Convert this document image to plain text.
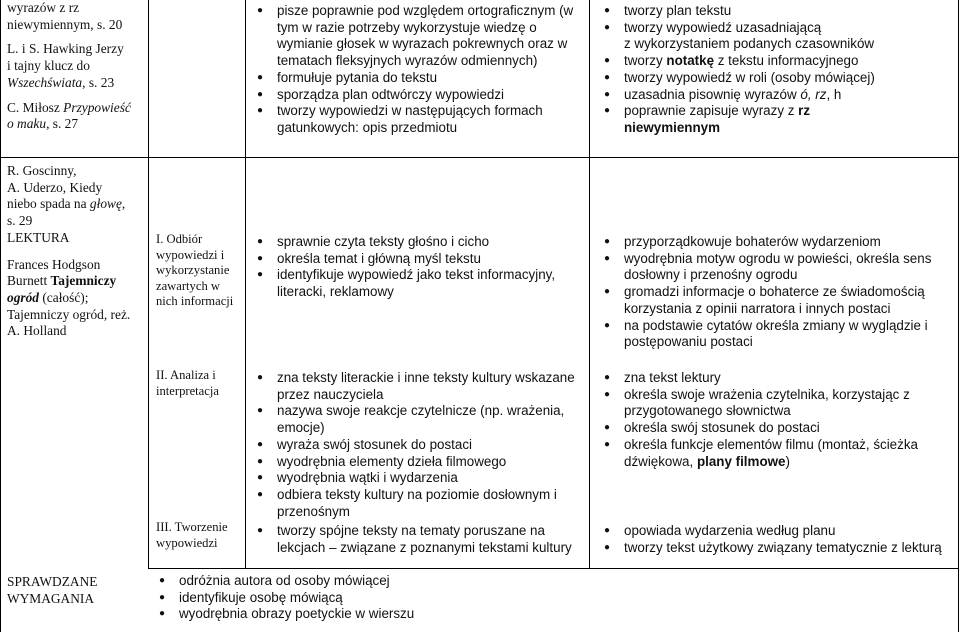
wyrazów z rz

niewymiennym, s. 20

L. i S. Hawking Jerzy

i tajny klucz do

Wszechświata, s. 23

C. Miłosz Przypowieść

o maku, s. 27

● pisze poprawnie pod względem ortograficznym (w tym w razie potrzeby wykorzystuje wiedzę o wymianie głosek w wyrazach pokrewnych oraz w tematach fleksyjnych wyrazów odmiennych)
● formułuje pytania do tekstu
● sporządza plan odtwórczy wypowiedzi
● tworzy wypowiedzi w następujących formach gatunkowych: opis przedmiotu
● tworzy plan tekstu
● tworzy wypowiedź uzasadniającą
z wykorzystaniem podanych czasowników
● tworzy notatkę z tekstu informacyjnego
● tworzy wypowiedź w roli (osoby mówiącej)
● uzasadnia pisownię wyrazów ó, rz, h
● poprawnie zapisuje wyrazy z rz
niewymiennym

R. Goscinny,

A. Uderzo, Kiedy

niebo spada na głowę,

s. 29

LEKTURA

Frances Hodgson

Burnett Tajemniczy

ogród (całość);

Tajemniczy ogród, reż.

A. Holland

SPRAWDZANE

WYMAGANIA

I. Odbiór wypowiedzi i wykorzystanie zawartych w nich informacji

II. Analiza i interpretacja

III. Tworzenie wypowiedzi

● sprawnie czyta teksty głośno i cicho
● określa temat i główną myśl tekstu
● identyfikuje wypowiedź jako tekst informacyjny, literacki, reklamowy
● zna teksty literackie i inne teksty kultury wskazane przez nauczyciela
● nazywa swoje reakcje czytelnicze (np. wrażenia, emocje)
● wyraża swój stosunek do postaci
● wyodrębnia elementy dzieła filmowego
● wyodrębnia wątki i wydarzenia
● odbiera teksty kultury na poziomie dosłownym i przenośnym
● tworzy spójne teksty na tematy poruszane na lekcjach – związane z poznanymi tekstami kultury
● przyporządkowuje bohaterów wydarzeniom
● wyodrębnia motyw ogrodu w powieści, określa sens dosłowny i przenośny ogrodu
● gromadzi informacje o bohaterce ze świadomością korzystania z opinii narratora i innych postaci
● na podstawie cytatów określa zmiany w wyglądzie i postępowaniu postaci
● zna tekst lektury
● określa swoje wrażenia czytelnika, korzystając z przygotowanego słownictwa
● określa swój stosunek do postaci
● określa funkcje elementów filmu (montaż, ścieżka dźwiękowa, plany filmowe)
● opowiada wydarzenia według planu
● tworzy tekst użytkowy związany tematycznie z lekturą
● odróżnia autora od osoby mówiącej
● identyfikuje osobę mówiącą
● wyodrębnia obrazy poetyckie w wierszu
